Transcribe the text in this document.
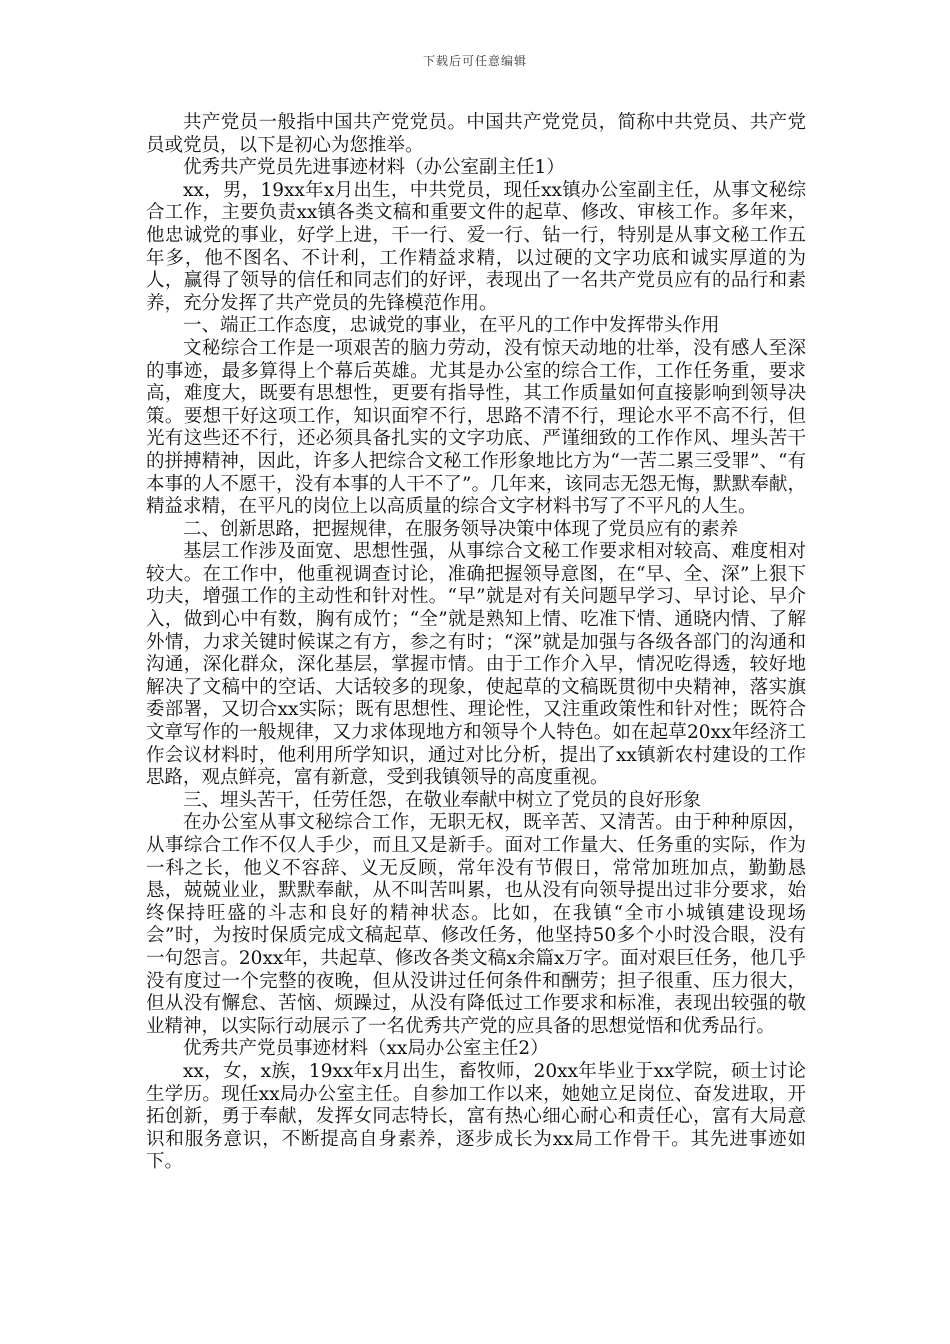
下载后可任意编辑

共产党员一般指中国共产党党员。中国共产党党员，简称中共党员、共产党员或党员，以下是初心为您推举。

优秀共产党员先进事迹材料（办公室副主任1）

xx，男，19xx年x月出生，中共党员，现任xx镇办公室副主任，从事文秘综合工作，主要负责xx镇各类文稿和重要文件的起草、修改、审核工作。多年来，他忠诚党的事业，好学上进，干一行、爱一行、钻一行，特别是从事文秘工作五年多，他不图名、不计利，工作精益求精，以过硬的文字功底和诚实厚道的为人，赢得了领导的信任和同志们的好评，表现出了一名共产党员应有的品行和素养，充分发挥了共产党员的先锋模范作用。

一、端正工作态度，忠诚党的事业，在平凡的工作中发挥带头作用

文秘综合工作是一项艰苦的脑力劳动，没有惊天动地的壮举，没有感人至深的事迹，最多算得上个幕后英雄。尤其是办公室的综合工作，工作任务重，要求高，难度大，既要有思想性，更要有指导性，其工作质量如何直接影响到领导决策。要想干好这项工作，知识面窄不行，思路不清不行，理论水平不高不行，但光有这些还不行，还必须具备扎实的文字功底、严谨细致的工作作风、埋头苦干的拼搏精神，因此，许多人把综合文秘工作形象地比方为“一苦二累三受罪”、“有本事的人不愿干，没有本事的人干不了”。几年来，该同志无怨无悔，默默奉献，精益求精，在平凡的岗位上以高质量的综合文字材料书写了不平凡的人生。

二、创新思路，把握规律，在服务领导决策中体现了党员应有的素养

基层工作涉及面宽、思想性强，从事综合文秘工作要求相对较高、难度相对较大。在工作中，他重视调查讨论，准确把握领导意图，在“早、全、深”上狠下功夫，增强工作的主动性和针对性。“早”就是对有关问题早学习、早讨论、早介入，做到心中有数，胸有成竹；“全”就是熟知上情、吃准下情、通晓内情、了解外情，力求关键时候谋之有方，参之有时；“深”就是加强与各级各部门的沟通和沟通，深化群众，深化基层，掌握市情。由于工作介入早，情况吃得透，较好地解决了文稿中的空话、大话较多的现象，使起草的文稿既贯彻中央精神，落实旗委部署，又切合xx实际；既有思想性、理论性，又注重政策性和针对性；既符合文章写作的一般规律，又力求体现地方和领导个人特色。如在起草20xx年经济工作会议材料时，他利用所学知识，通过对比分析，提出了xx镇新农村建设的工作思路，观点鲜亮，富有新意，受到我镇领导的高度重视。

三、埋头苦干，任劳任怨，在敬业奉献中树立了党员的良好形象

在办公室从事文秘综合工作，无职无权，既辛苦、又清苦。由于种种原因，从事综合工作不仅人手少，而且又是新手。面对工作量大、任务重的实际，作为一科之长，他义不容辞、义无反顾，常年没有节假日，常常加班加点，勤勤恳恳，兢兢业业，默默奉献，从不叫苦叫累，也从没有向领导提出过非分要求，始终保持旺盛的斗志和良好的精神状态。比如，在我镇“全市小城镇建设现场会”时，为按时保质完成文稿起草、修改任务，他坚持50多个小时没合眼，没有一句怨言。20xx年，共起草、修改各类文稿x余篇x万字。面对艰巨任务，他几乎没有度过一个完整的夜晚，但从没讲过任何条件和酬劳；担子很重、压力很大，但从没有懈怠、苦恼、烦躁过，从没有降低过工作要求和标准，表现出较强的敬业精神，以实际行动展示了一名优秀共产党的应具备的思想觉悟和优秀品行。

优秀共产党员事迹材料（xx局办公室主任2）

xx，女，x族，19xx年x月出生，畜牧师，20xx年毕业于xx学院，硕士讨论生学历。现任xx局办公室主任。自参加工作以来，她她立足岗位、奋发进取，开拓创新，勇于奉献，发挥女同志特长，富有热心细心耐心和责任心，富有大局意识和服务意识，不断提高自身素养，逐步成长为xx局工作骨干。其先进事迹如下。
